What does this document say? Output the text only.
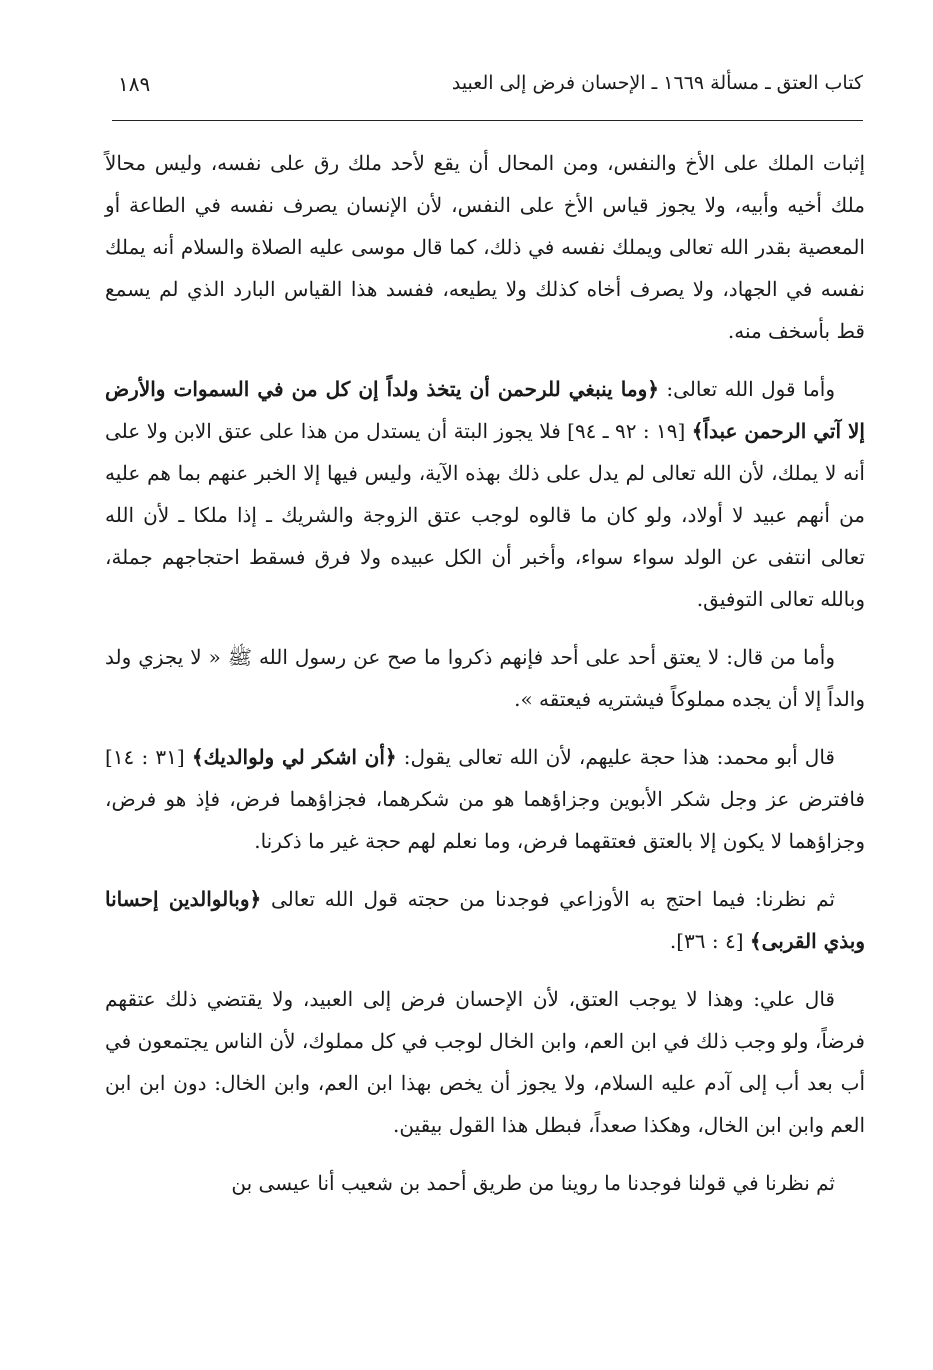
كتاب العتق ـ مسألة ١٦٦٩ ـ الإحسان فرض إلى العبيد
١٨٩

إثبات الملك على الأخ والنفس، ومن المحال أن يقع لأحد ملك رق على نفسه، وليس محالاً ملك أخيه وأبيه، ولا يجوز قياس الأخ على النفس، لأن الإنسان يصرف نفسه في الطاعة أو المعصية بقدر الله تعالى ويملك نفسه في ذلك، كما قال موسى عليه الصلاة والسلام أنه يملك نفسه في الجهاد، ولا يصرف أخاه كذلك ولا يطيعه، ففسد هذا القياس البارد الذي لم يسمع قط بأسخف منه.

وأما قول الله تعالى: ﴿وما ينبغي للرحمن أن يتخذ ولداً إن كل من في السموات والأرض إلا آتي الرحمن عبداً﴾ [١٩ : ٩٢ ـ ٩٤] فلا يجوز البتة أن يستدل من هذا على عتق الابن ولا على أنه لا يملك، لأن الله تعالى لم يدل على ذلك بهذه الآية، وليس فيها إلا الخبر عنهم بما هم عليه من أنهم عبيد لا أولاد، ولو كان ما قالوه لوجب عتق الزوجة والشريك ـ إذا ملكا ـ لأن الله تعالى انتفى عن الولد سواء سواء، وأخبر أن الكل عبيده ولا فرق فسقط احتجاجهم جملة، وبالله تعالى التوفيق.

وأما من قال: لا يعتق أحد على أحد فإنهم ذكروا ما صح عن رسول الله ﷺ « لا يجزي ولد والداً إلا أن يجده مملوكاً فيشتريه فيعتقه ».

قال أبو محمد: هذا حجة عليهم، لأن الله تعالى يقول: ﴿أن اشكر لي ولوالديك﴾ [٣١ : ١٤] فافترض عز وجل شكر الأبوين وجزاؤهما هو من شكرهما، فجزاؤهما فرض، فإذ هو فرض، وجزاؤهما لا يكون إلا بالعتق فعتقهما فرض، وما نعلم لهم حجة غير ما ذكرنا.

ثم نظرنا: فيما احتج به الأوزاعي فوجدنا من حجته قول الله تعالى ﴿وبالوالدين إحسانا وبذي القربى﴾ [٤ : ٣٦].

قال علي: وهذا لا يوجب العتق، لأن الإحسان فرض إلى العبيد، ولا يقتضي ذلك عتقهم فرضاً، ولو وجب ذلك في ابن العم، وابن الخال لوجب في كل مملوك، لأن الناس يجتمعون في أب بعد أب إلى آدم عليه السلام، ولا يجوز أن يخص بهذا ابن العم، وابن الخال: دون ابن ابن العم وابن ابن الخال، وهكذا صعداً، فبطل هذا القول بيقين.

ثم نظرنا في قولنا فوجدنا ما روينا من طريق أحمد بن شعيب أنا عيسى بن
